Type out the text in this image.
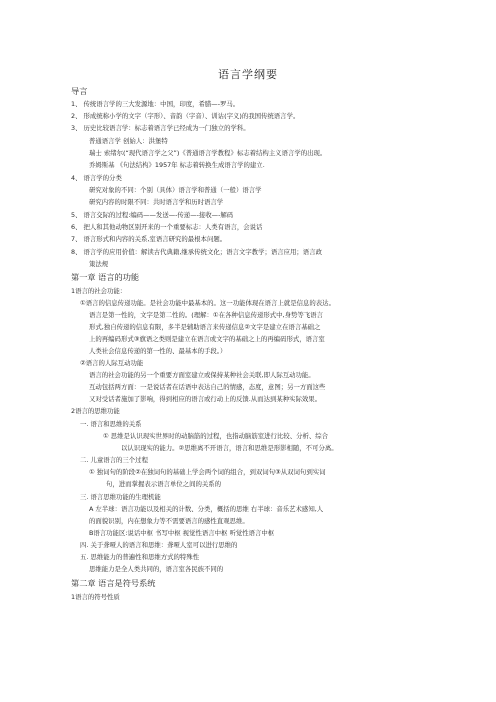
语言学纲要
导言
1、 传统语言学的三大发源地：中国，印度，希腊—-罗马。
2、 形成统称小学的文字（字形）、音韵（字音）、训诂(字义)的我国传统语言学。
3、 历史比较语言学：标志着语言学已经成为一门独立的学科。
普通语言学 创始人：洪堡特
瑞士 索绪尔(“现代语言学之父”)《普通语言学教程》标志着结构主义语言学的出现。
乔姆斯基 《句法结构》1957年 标志着转换生成语言学的建立.
4、 语言学的分类
研究对象的不同：个别（具体）语言学和普通（一般）语言学
研究内容的时限不同：共时语言学和历时语言学
5、 语言交际的过程:编码——发送—-传递—-接收—-解码
6、 把人和其他动物区别开来的一个重要标志：人类有语言，会说话
7、 语言形式和内容的关系,室语言研究的最根本问题。
8、 语言学的应用价值：解读古代典籍,继承传统文化；语言文字教学；语言应用；语言政
策法规
第一章 语言的功能
1语言的社会功能：
①语言的信息传递功能。是社会功能中最基本的。这一功能体现在语言上就是信息的表达。
语言是第一性的，文字是第二性的。(理解：①在各种信息传递形式中,身势等飞语言
形式,独自传递的信息有限，多半是辅助语言来传递信息②文字是建立在语言基础之
上的再编码形式③旗语之类则是建立在语言或文字的基础之上的再编码形式，语言室
人类社会信息传递的第一性的、最基本的手段。）
②语言的人际互动功能
语言的社会功能的另一个重要方面室建立或保持某种社会关联,即人际互动功能。
互动包括两方面：一是说话者在话语中表达自己的情感，态度，意图；另一方面这些
又对受话者施加了影响，得到相应的语言或行动上的反馈.从而达到某种实际效果。
2语言的思维功能
一. 语言和思维的关系
① 思维是认识现实世界时的动脑筋的过程，也指动脑筋室进行比较、分析、综合
以认识现实的能力。②思维离不开语言，语言和思维是形影相随，不可分离。
二. 儿童语言的三个过程
① 独词句的阶段②在独词句的基础上学会两个词的组合，到双词句③从双词句到实词
句，进而掌握表示语言单位之间的关系的
三. 语言思维功能的生理机能
A 左半球：语言功能以及相关的计数、分类，概括的思维 右半球：音乐艺术感知,人
的面貌识别，内在想象力等不需要语言的感性直观思维。
B语言功能区:说话中枢 书写中枢 视觉性语言中枢 听觉性语言中枢
四. 关于聋哑人的语言和思维：聋哑人室可以进行思维的
五. 思维能力的普遍性和思维方式的特殊性
思维能力是全人类共同的，语言室各民族不同的
第二章 语言是符号系统
1语言的符号性质
